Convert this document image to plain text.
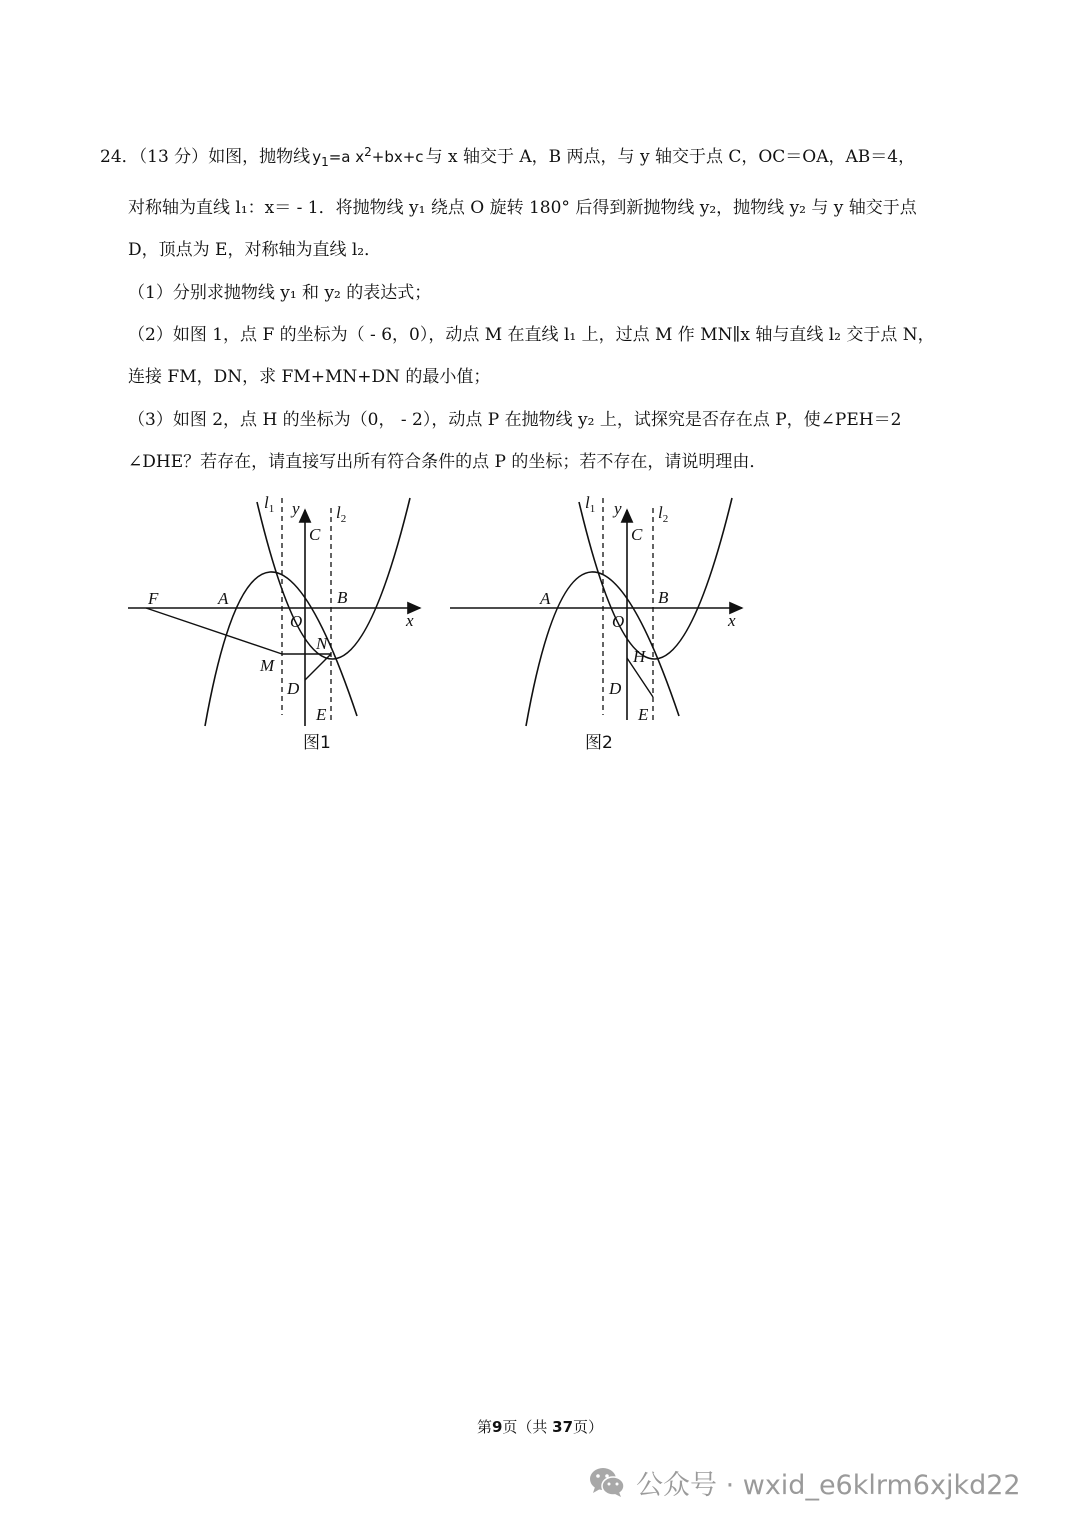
24．（13 分）如图，抛物线 $y_1=a$ $x^2+bx+c$ 与 x 轴交于 A，B 两点，与 y 轴交于点 C，OC＝OA，AB＝4，
对称轴为直线 l₁：x＝ - 1．将抛物线 y₁ 绕点 O 旋转 180° 后得到新抛物线 y₂，抛物线 y₂ 与 y 轴交于点
D，顶点为 E，对称轴为直线 l₂．
（1）分别求抛物线 y₁ 和 y₂ 的表达式；
（2）如图 1，点 F 的坐标为（ - 6，0），动点 M 在直线 l₁ 上，过点 M 作 MN∥x 轴与直线 l₂ 交于点 N，
连接 FM，DN，求 FM+MN+DN 的最小值；
（3）如图 2，点 H 的坐标为（0， - 2），动点 P 在抛物线 y₂ 上，试探究是否存在点 P，使∠PEH＝2
∠DHE？若存在，请直接写出所有符合条件的点 P 的坐标；若不存在，请说明理由．
F	A	B
O	x
y
C
N
M
D
E
$l_1$	$l_2$
图1
A	B
O	x
y
C
H
D
E
$l_1$	$l_2$
图2
第9页（共 37页）
公众号 · wxid_e6klrm6xjkd22
